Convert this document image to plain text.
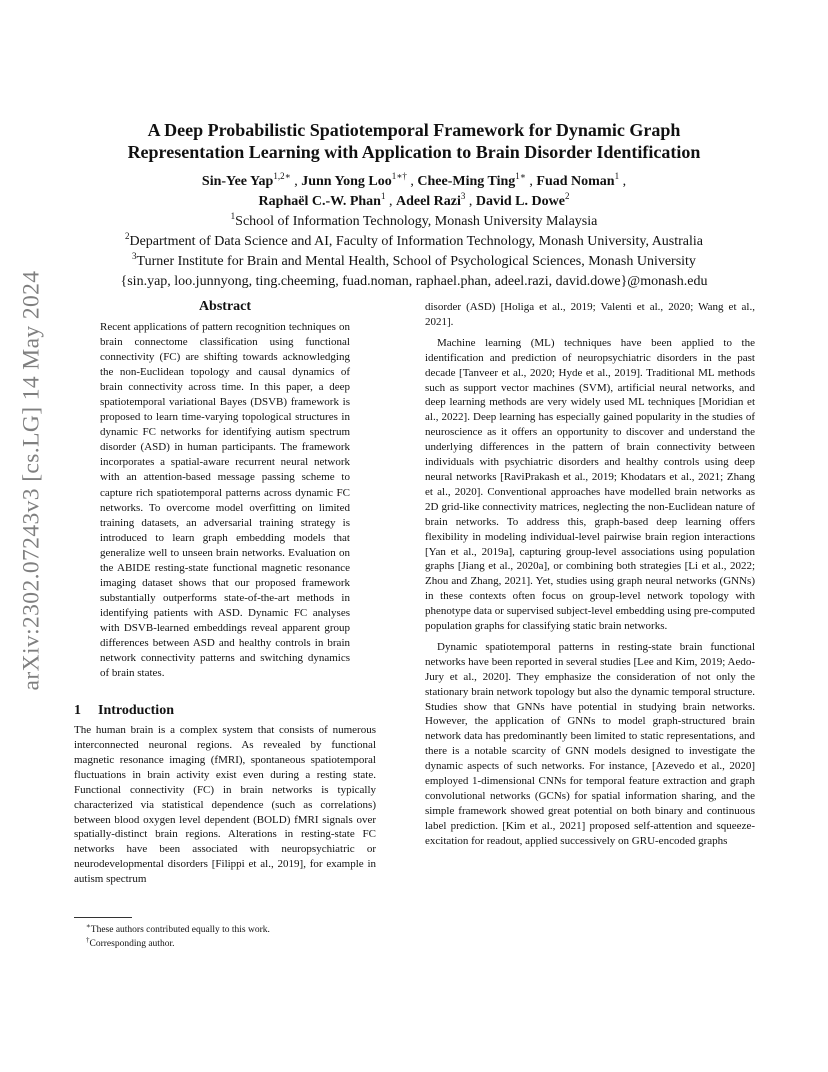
arXiv:2302.07243v3 [cs.LG] 14 May 2024
A Deep Probabilistic Spatiotemporal Framework for Dynamic Graph
Representation Learning with Application to Brain Disorder Identification
Sin-Yee Yap$^{1,2∗}$ , Junn Yong Loo$^{1∗\dagger}$ , Chee-Ming Ting$^{1∗}$ , Fuad Noman$^1$ ,
Raphaël C.-W. Phan$^1$ , Adeel Razi$^3$ , David L. Dowe$^2$
$^1$School of Information Technology, Monash University Malaysia
$^2$Department of Data Science and AI, Faculty of Information Technology, Monash University, Australia
$^3$Turner Institute for Brain and Mental Health, School of Psychological Sciences, Monash University
{sin.yap, loo.junnyong, ting.cheeming, fuad.noman, raphael.phan, adeel.razi, david.dowe}@monash.edu
Abstract

Recent applications of pattern recognition techniques on brain connectome classification using functional connectivity (FC) are shifting towards acknowledging the non-Euclidean topology and causal dynamics of brain connectivity across time. In this paper, a deep spatiotemporal variational Bayes (DSVB) framework is proposed to learn time-varying topological structures in dynamic FC networks for identifying autism spectrum disorder (ASD) in human participants. The framework incorporates a spatial-aware recurrent neural network with an attention-based message passing scheme to capture rich spatiotemporal patterns across dynamic FC networks. To overcome model overfitting on limited training datasets, an adversarial training strategy is introduced to learn graph embedding models that generalize well to unseen brain networks. Evaluation on the ABIDE resting-state functional magnetic resonance imaging dataset shows that our proposed framework substantially outperforms state-of-the-art methods in identifying patients with ASD. Dynamic FC analyses with DSVB-learned embeddings reveal apparent group differences between ASD and healthy controls in brain network connectivity patterns and switching dynamics of brain states.

1 Introduction

The human brain is a complex system that consists of numerous interconnected neuronal regions. As revealed by functional magnetic resonance imaging (fMRI), spontaneous spatiotemporal fluctuations in brain activity exist even during a resting state. Functional connectivity (FC) in brain networks is typically characterized via statistical dependence (such as correlations) between blood oxygen level dependent (BOLD) fMRI signals over spatially-distinct brain regions. Alterations in resting-state FC networks have been associated with neuropsychiatric or neurodevelopmental disorders [Filippi et al., 2019], for example in autism spectrum

disorder (ASD) [Holiga et al., 2019; Valenti et al., 2020; Wang et al., 2021].

Machine learning (ML) techniques have been applied to the identification and prediction of neuropsychiatric disorders in the past decade [Tanveer et al., 2020; Hyde et al., 2019]. Traditional ML methods such as support vector machines (SVM), artificial neural networks, and deep learning methods are very widely used ML techniques [Moridian et al., 2022]. Deep learning has especially gained popularity in the studies of neuroscience as it offers an opportunity to discover and understand the underlying differences in the pattern of brain connectivity between individuals with psychiatric disorders and healthy controls using deep neural networks [RaviPrakash et al., 2019; Khodatars et al., 2021; Zhang et al., 2020]. Conventional approaches have modelled brain networks as 2D grid-like connectivity matrices, neglecting the non-Euclidean nature of brain networks. To address this, graph-based deep learning offers flexibility in modeling individual-level pairwise brain region interactions [Yan et al., 2019a], capturing group-level associations using population graphs [Jiang et al., 2020a], or combining both strategies [Li et al., 2022; Zhou and Zhang, 2021]. Yet, studies using graph neural networks (GNNs) in these contexts often focus on group-level network topology with phenotype data or supervised subject-level embedding using pre-computed population graphs for classifying static brain networks.

Dynamic spatiotemporal patterns in resting-state brain functional networks have been reported in several studies [Lee and Kim, 2019; Aedo-Jury et al., 2020]. They emphasize the consideration of not only the stationary brain network topology but also the dynamic temporal structure. Studies show that GNNs have potential in studying brain networks. However, the application of GNNs to model graph-structured brain network data has predominantly been limited to static representations, and there is a notable scarcity of GNN models designed to investigate the dynamic aspects of such networks. For instance, [Azevedo et al., 2020] employed 1-dimensional CNNs for temporal feature extraction and graph convolutional networks (GCNs) for spatial information sharing, and the simple framework showed great potential on both binary and continuous label prediction. [Kim et al., 2021] proposed self-attention and squeeze-excitation for readout, applied successively on GRU-encoded graphs

∗These authors contributed equally to this work.
†Corresponding author.
